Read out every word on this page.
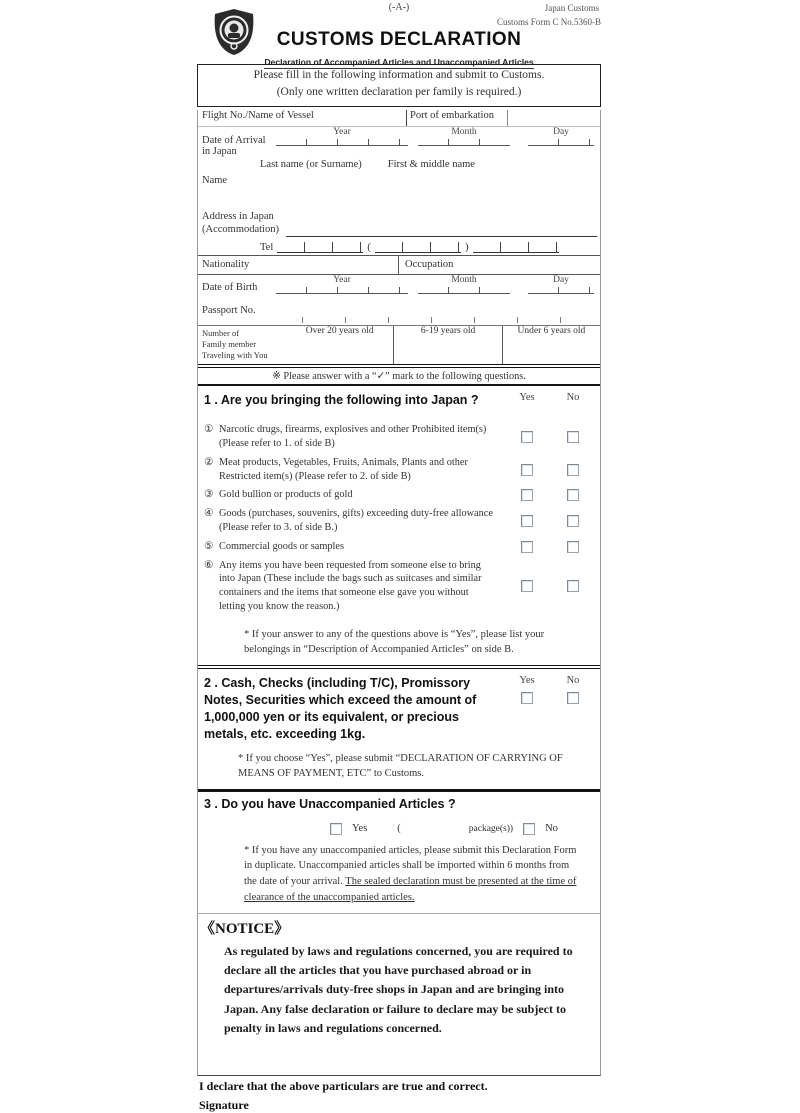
(-A-)	Japan Customs
Customs Form C No.5360-B
CUSTOMS DECLARATION
Declaration of Accompanied Articles and Unaccompanied Articles
Please fill in the following information and submit to Customs.
(Only one written declaration per family is required.)
Flight No./Name of Vessel	Port of embarkation
Date of Arrival in Japan
Year	Month	Day
Last name (or Surname) First & middle name
Name
Address in Japan
(Accommodation)
Tel	(	)
Nationality	Occupation
Date of Birth
Year	Month	Day
Passport No.
Number of
Family member
Traveling with You
Over 20 years old	6-19 years old	Under 6 years old
※ Please answer with a “✓” mark to the following questions.
1 . Are you bringing the following into Japan ?	Yes	No
① Narcotic drugs, firearms, explosives and other Prohibited item(s) (Please refer to 1. of side B)
② Meat products, Vegetables, Fruits, Animals, Plants and other Restricted item(s) (Please refer to 2. of side B)
③ Gold bullion or products of gold
④ Goods (purchases, souvenirs, gifts) exceeding duty-free allowance (Please refer to 3. of side B.)
⑤ Commercial goods or samples
⑥ Any items you have been requested from someone else to bring into Japan (These include the bags such as suitcases and similar containers and the items that someone else gave you without letting you know the reason.)
* If your answer to any of the questions above is “Yes”, please list your belongings in “Description of Accompanied Articles” on side B.
2 . Cash, Checks (including T/C), Promissory Notes, Securities which exceed the amount of 1,000,000 yen or its equivalent, or precious metals, etc. exceeding 1kg.
Yes	No
* If you choose “Yes”, please submit “DECLARATION OF CARRYING OF MEANS OF PAYMENT, ETC” to Customs.
3 . Do you have Unaccompanied Articles ?
Yes	(	package(s))	No
* If you have any unaccompanied articles, please submit this Declaration Form in duplicate. Unaccompanied articles shall be imported within 6 months from the date of your arrival. The sealed declaration must be presented at the time of clearance of the unaccompanied articles.
《NOTICE》
As regulated by laws and regulations concerned, you are required to declare all the articles that you have purchased abroad or in departures/arrivals duty-free shops in Japan and are bringing into Japan. Any false declaration or failure to declare may be subject to penalty in laws and regulations concerned.
I declare that the above particulars are true and correct.
Signature
